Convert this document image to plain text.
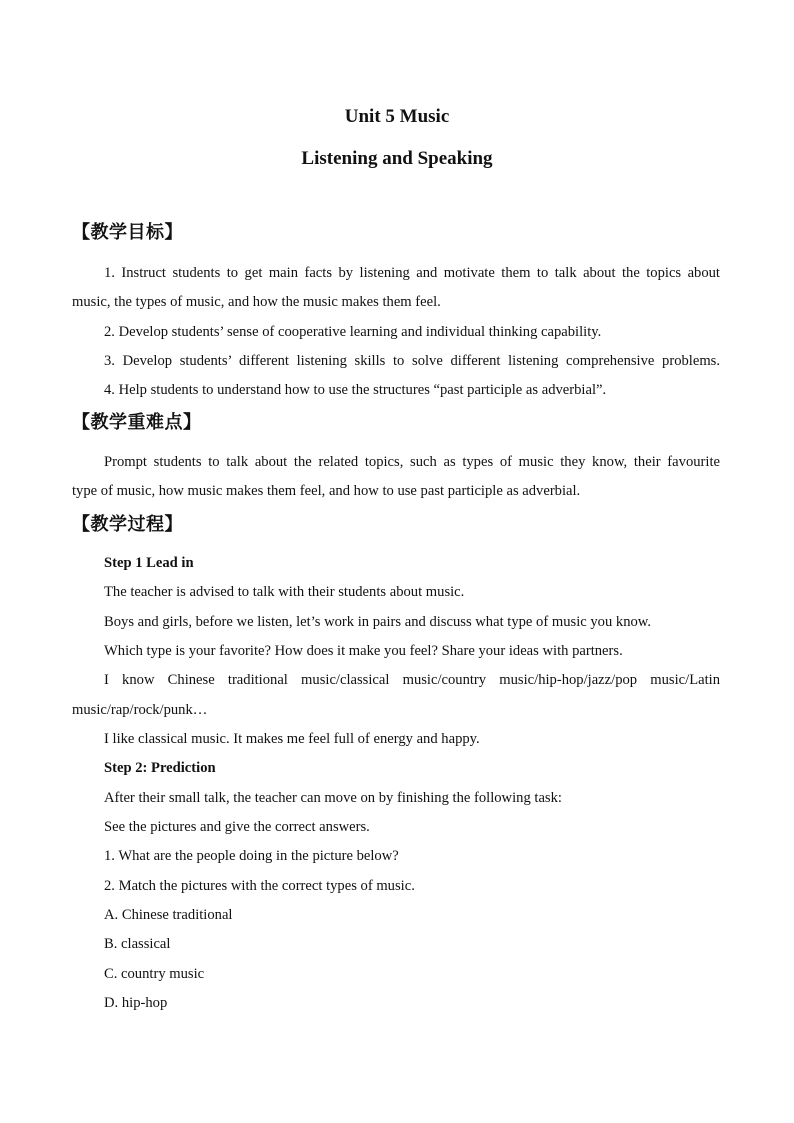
Unit 5 Music
Listening and Speaking
【教学目标】

1. Instruct students to get main facts by listening and motivate them to talk about the topics about

music, the types of music, and how the music makes them feel.

2. Develop students’ sense of cooperative learning and individual thinking capability.

3. Develop students’ different listening skills to solve different listening comprehensive problems.

4. Help students to understand how to use the structures “past participle as adverbial”.

【教学重难点】

Prompt students to talk about the related topics, such as types of music they know, their favourite

type of music, how music makes them feel, and how to use past participle as adverbial.

【教学过程】

Step 1 Lead in

The teacher is advised to talk with their students about music.

Boys and girls, before we listen, let’s work in pairs and discuss what type of music you know.

Which type is your favorite? How does it make you feel? Share your ideas with partners.

I know Chinese traditional music/classical music/country music/hip-hop/jazz/pop music/Latin

music/rap/rock/punk…

I like classical music. It makes me feel full of energy and happy.

Step 2: Prediction

After their small talk, the teacher can move on by finishing the following task:

See the pictures and give the correct answers.

1. What are the people doing in the picture below?

2. Match the pictures with the correct types of music.

A. Chinese traditional

B. classical

C. country music

D. hip-hop
